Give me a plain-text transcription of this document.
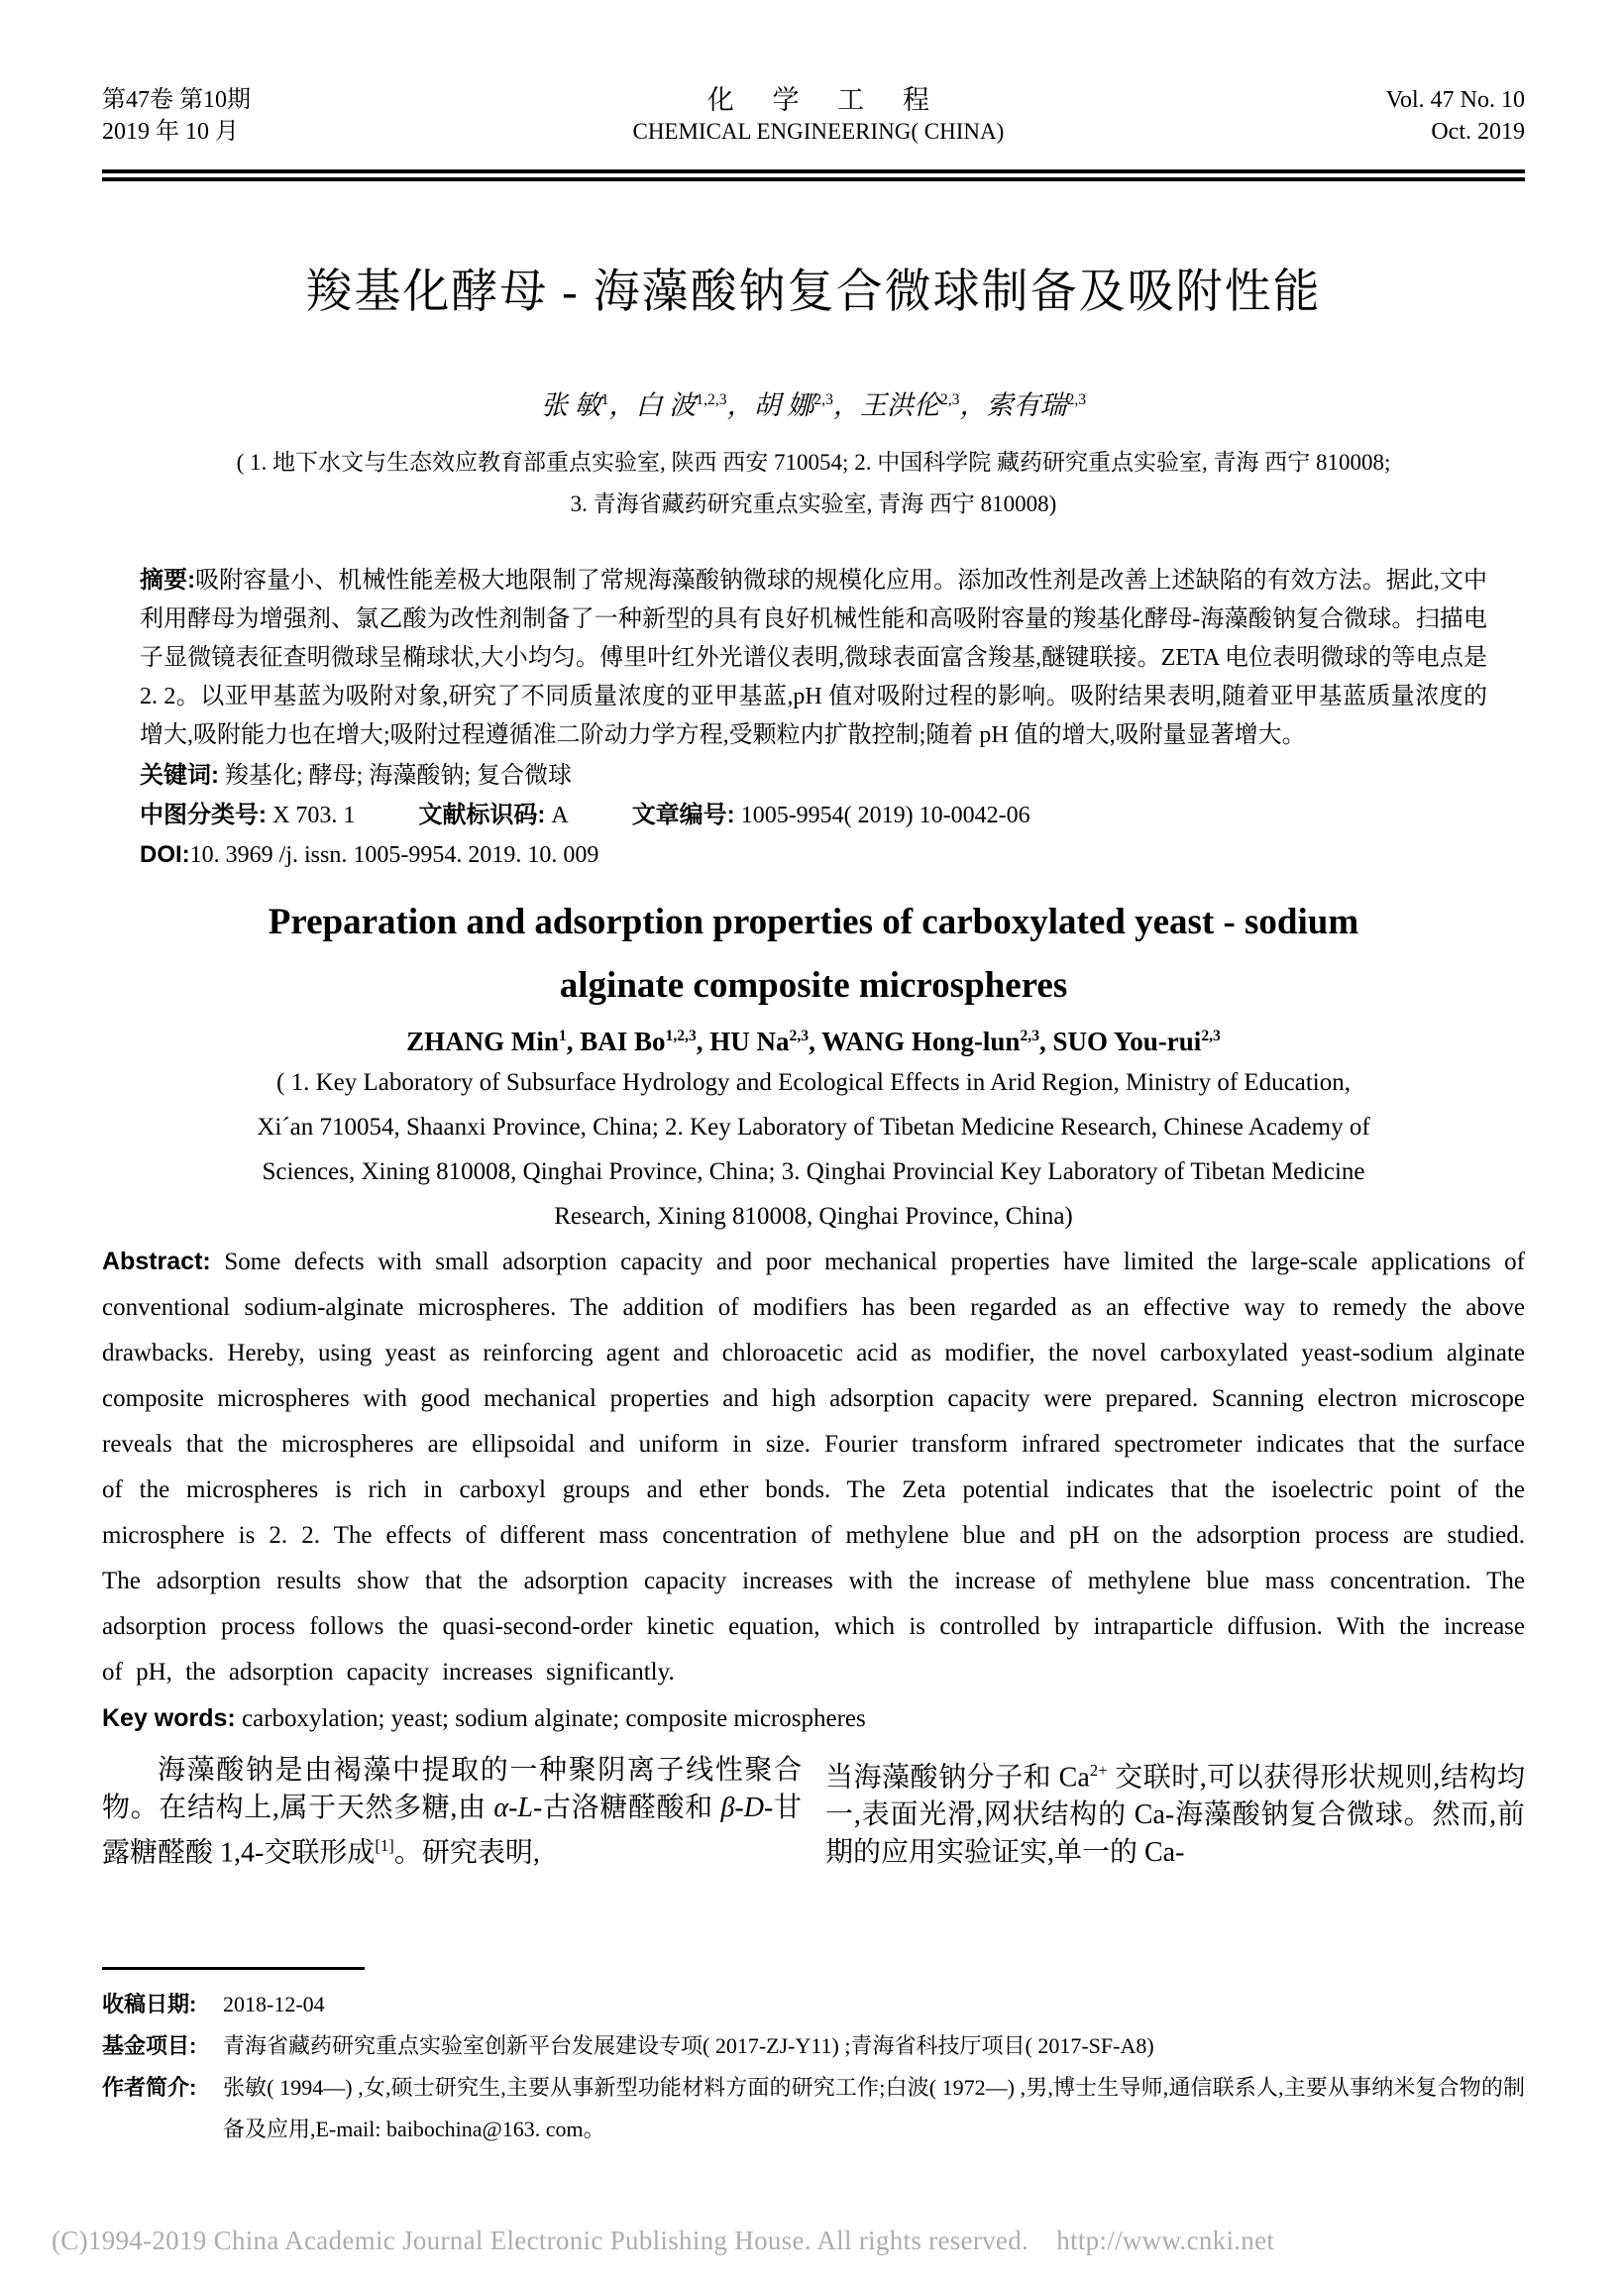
第47卷 第10期
2019 年 10 月
化 学 工 程
CHEMICAL ENGINEERING( CHINA)
Vol. 47 No. 10
Oct. 2019
羧基化酵母 - 海藻酸钠复合微球制备及吸附性能
张 敏$^1$，白 波$^{1,2,3}$，胡 娜$^{2,3}$，王洪伦$^{2,3}$，索有瑞$^{2,3}$
( 1. 地下水文与生态效应教育部重点实验室, 陕西 西安 710054; 2. 中国科学院 藏药研究重点实验室, 青海 西宁 810008;
3. 青海省藏药研究重点实验室, 青海 西宁 810008)
摘要:吸附容量小、机械性能差极大地限制了常规海藻酸钠微球的规模化应用。添加改性剂是改善上述缺陷的有效方法。据此,文中利用酵母为增强剂、氯乙酸为改性剂制备了一种新型的具有良好机械性能和高吸附容量的羧基化酵母-海藻酸钠复合微球。扫描电子显微镜表征查明微球呈椭球状,大小均匀。傅里叶红外光谱仪表明,微球表面富含羧基,醚键联接。ZETA 电位表明微球的等电点是 2. 2。以亚甲基蓝为吸附对象,研究了不同质量浓度的亚甲基蓝,pH 值对吸附过程的影响。吸附结果表明,随着亚甲基蓝质量浓度的增大,吸附能力也在增大;吸附过程遵循准二阶动力学方程,受颗粒内扩散控制;随着 pH 值的增大,吸附量显著增大。
关键词: 羧基化; 酵母; 海藻酸钠; 复合微球
中图分类号: X 703. 1	文献标识码: A	文章编号: 1005-9954( 2019) 10-0042-06
DOI:10. 3969 /j. issn. 1005-9954. 2019. 10. 009
Preparation and adsorption properties of carboxylated yeast - sodium
alginate composite microspheres
ZHANG Min$^1$, BAI Bo$^{1,2,3}$, HU Na$^{2,3}$, WANG Hong-lun$^{2,3}$, SUO You-rui$^{2,3}$
( 1. Key Laboratory of Subsurface Hydrology and Ecological Effects in Arid Region, Ministry of Education,
Xi´an 710054, Shaanxi Province, China; 2. Key Laboratory of Tibetan Medicine Research, Chinese Academy of
Sciences, Xining 810008, Qinghai Province, China; 3. Qinghai Provincial Key Laboratory of Tibetan Medicine
Research, Xining 810008, Qinghai Province, China)
Abstract: Some defects with small adsorption capacity and poor mechanical properties have limited the large-scale applications of conventional sodium-alginate microspheres. The addition of modifiers has been regarded as an effective way to remedy the above drawbacks. Hereby, using yeast as reinforcing agent and chloroacetic acid as modifier, the novel carboxylated yeast-sodium alginate composite microspheres with good mechanical properties and high adsorption capacity were prepared. Scanning electron microscope reveals that the microspheres are ellipsoidal and uniform in size. Fourier transform infrared spectrometer indicates that the surface of the microspheres is rich in carboxyl groups and ether bonds. The Zeta potential indicates that the isoelectric point of the microsphere is 2. 2. The effects of different mass concentration of methylene blue and pH on the adsorption process are studied. The adsorption results show that the adsorption capacity increases with the increase of methylene blue mass concentration. The adsorption process follows the quasi-second-order kinetic equation, which is controlled by intraparticle diffusion. With the increase of pH, the adsorption capacity increases significantly.
Key words: carboxylation; yeast; sodium alginate; composite microspheres

海藻酸钠是由褐藻中提取的一种聚阴离子线性聚合物。在结构上,属于天然多糖,由 α-L-古洛糖醛酸和 β-D-甘露糖醛酸 1,4-交联形成[1]。研究表明,

当海藻酸钠分子和 Ca$^{2+}$ 交联时,可以获得形状规则,结构均一,表面光滑,网状结构的 Ca-海藻酸钠复合微球。然而,前期的应用实验证实,单一的 Ca-

收稿日期: 2018-12-04
基金项目: 青海省藏药研究重点实验室创新平台发展建设专项( 2017-ZJ-Y11) ;青海省科技厅项目( 2017-SF-A8)
作者简介: 张敏( 1994—) ,女,硕士研究生,主要从事新型功能材料方面的研究工作;白波( 1972—) ,男,博士生导师,通信联系人,主要从事纳米复合物的制备及应用,E-mail: baibochina@163. com。
(C)1994-2019 China Academic Journal Electronic Publishing House. All rights reserved.    http://www.cnki.net
